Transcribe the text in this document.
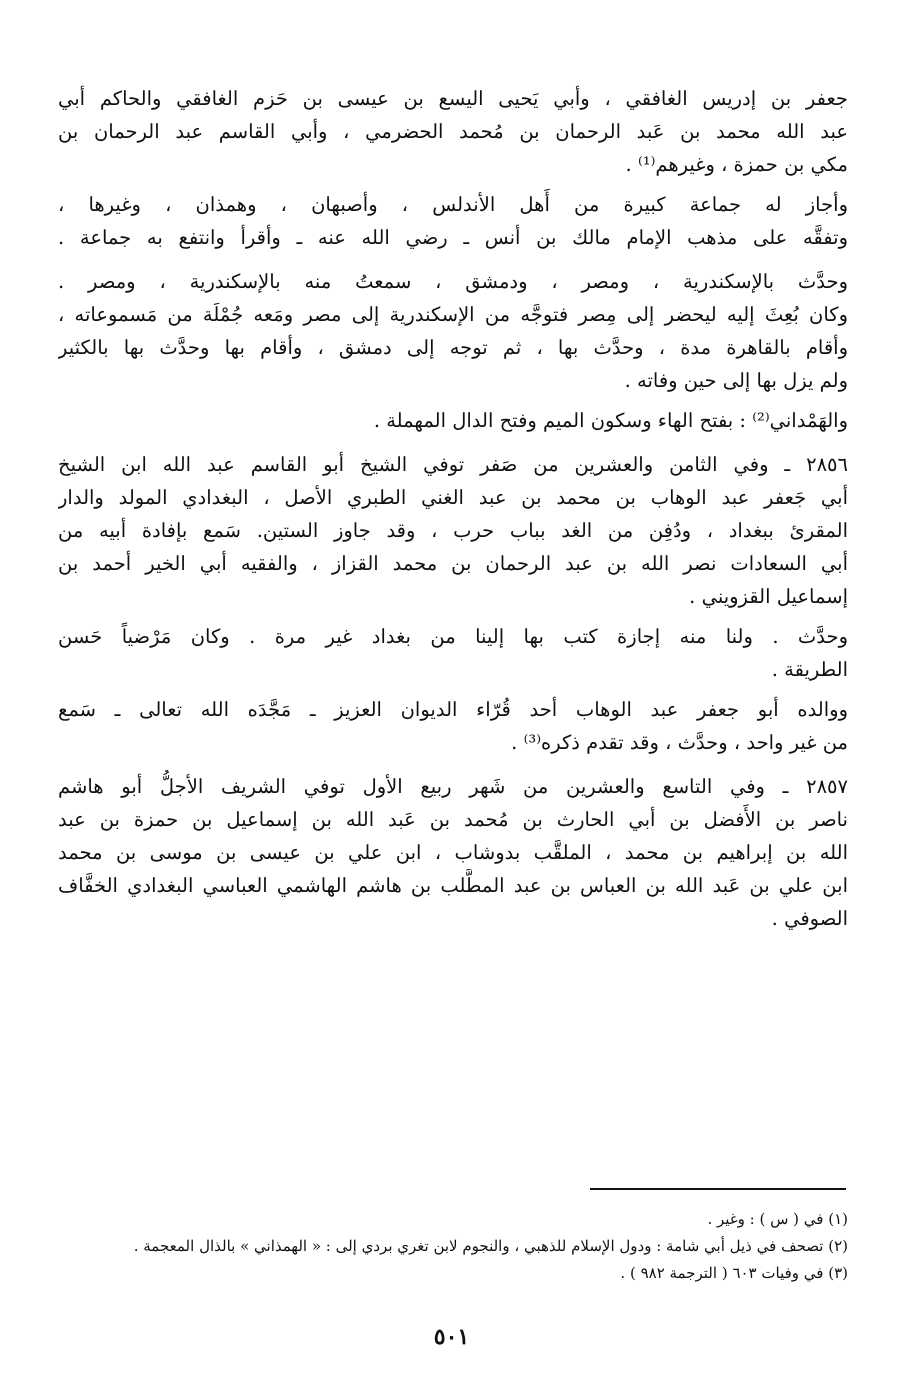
جعفر بن إدريس الغافقي ، وأبي يَحيى اليسع بن عيسى بن حَزم الغافقي والحاكم أبي
عبد الله محمد بن عَبد الرحمان بن مُحمد الحضرمي ، وأبي القاسم عبد الرحمان بن
مكي بن حمزة ، وغيرهم⁽¹⁾ .
وأجاز له جماعة كبيرة من أَهل الأندلس ، وأصبهان ، وهمذان ، وغيرها ،
وتفقَّه على مذهب الإمام مالك بن أنس ـ رضي الله عنه ـ وأقرأ وانتفع به جماعة .
وحدَّث بالإسكندرية ، ومصر ، ودمشق ، سمعتُ منه بالإسكندرية ، ومصر .
وكان بُعِثَ إليه ليحضر إلى مِصر فتوجَّه من الإسكندرية إلى مصر ومَعه جُمْلَة من مَسموعاته ،
وأقام بالقاهرة مدة ، وحدَّث بها ، ثم توجه إلى دمشق ، وأقام بها وحدَّث بها بالكثير
ولم يزل بها إلى حين وفاته .
والهَمْداني⁽²⁾ : بفتح الهاء وسكون الميم وفتح الدال المهملة .
٢٨٥٦ ـ وفي الثامن والعشرين من صَفر توفي الشيخ أبو القاسم عبد الله ابن الشيخ
أبي جَعفر عبد الوهاب بن محمد بن عبد الغني الطبري الأصل ، البغدادي المولد والدار
المقرئ ببغداد ، ودُفِن من الغد بباب حرب ، وقد جاوز الستين. سَمع بإفادة أبيه من
أبي السعادات نصر الله بن عبد الرحمان بن محمد القزاز ، والفقيه أبي الخير أحمد بن
إسماعيل القزويني .
وحدَّث . ولنا منه إجازة كتب بها إلينا من بغداد غير مرة . وكان مَرْضياً حَسن
الطريقة .
ووالده أبو جعفر عبد الوهاب أحد قُرّاء الديوان العزيز ـ مَجَّدَه الله تعالى ـ سَمع
من غير واحد ، وحدَّث ، وقد تقدم ذكره⁽³⁾ .
٢٨٥٧ ـ وفي التاسع والعشرين من شَهر ربيع الأول توفي الشريف الأجلُّ أبو هاشم
ناصر بن الأَفضل بن أبي الحارث بن مُحمد بن عَبد الله بن إسماعيل بن حمزة بن عبد
الله بن إبراهيم بن محمد ، الملقَّب بدوشاب ، ابن علي بن عيسى بن موسى بن محمد
ابن علي بن عَبد الله بن العباس بن عبد المطَّلب بن هاشم الهاشمي العباسي البغدادي الخفَّاف
الصوفي .
(١) في ( س ) : وغير .
(٢) تصحف في ذيل أبي شامة : ودول الإسلام للذهبي ، والنجوم لابن تغري بردي إلى : « الهمذاني » بالذال المعجمة .
(٣) في وفيات ٦٠٣ ( الترجمة ٩٨٢ ) .
٥٠١
